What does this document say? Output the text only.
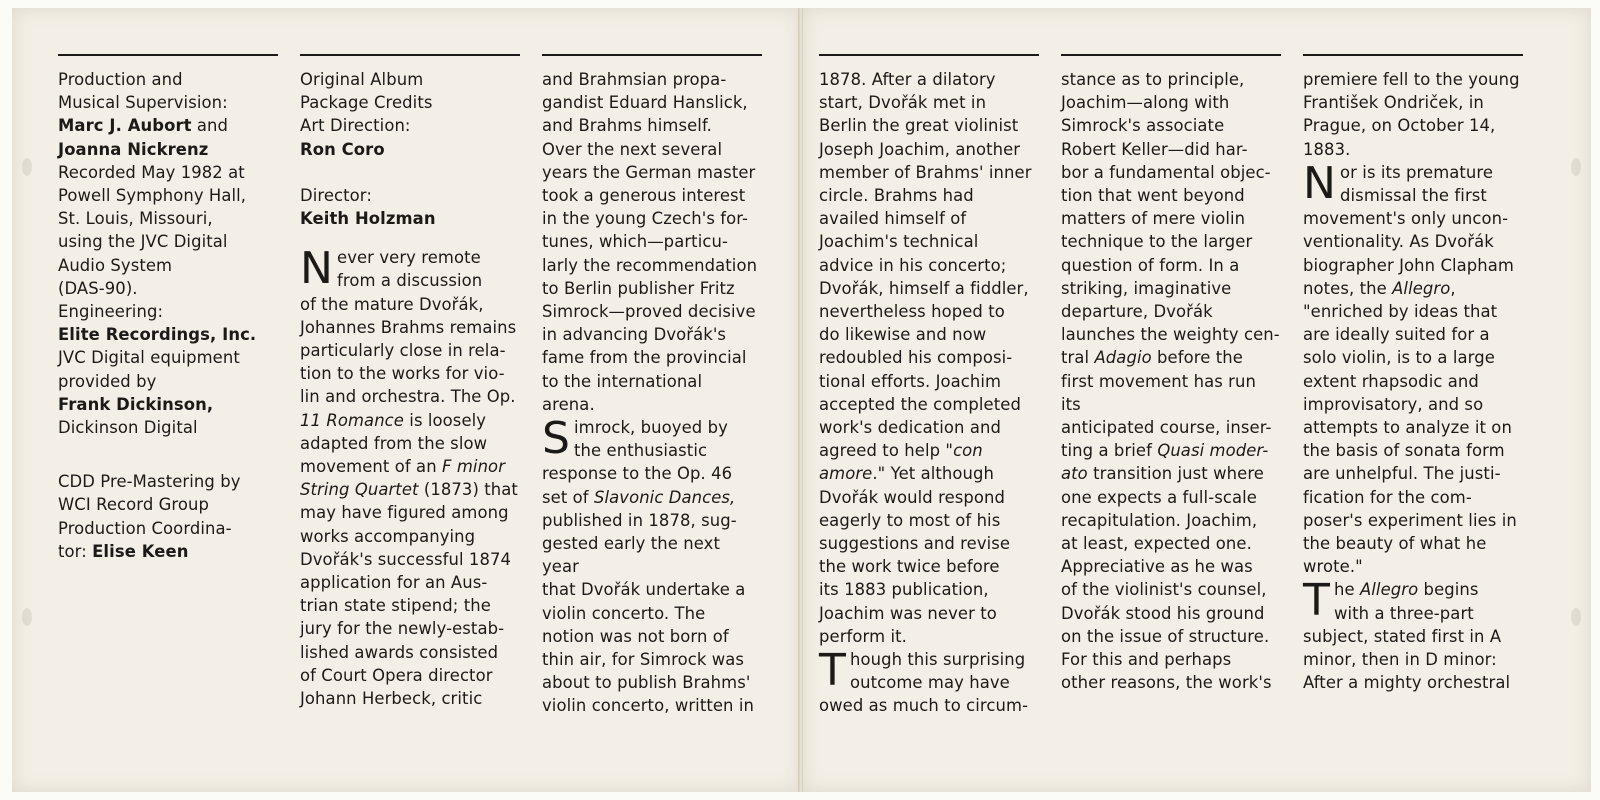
Production and
Musical Supervision:
Marc J. Aubort and
Joanna Nickrenz
Recorded May 1982 at
Powell Symphony Hall,
St. Louis, Missouri,
using the JVC Digital
Audio System
(DAS-90).
Engineering:
Elite Recordings, Inc.
JVC Digital equipment
provided by
Frank Dickinson,
Dickinson Digital
CDD Pre-Mastering by
WCI Record Group
Production Coordina-
tor: Elise Keen
Original Album
Package Credits
Art Direction:
Ron Coro
Director:
Keith Holzman
N ever very remote
from a discussion
of the mature Dvořák,
Johannes Brahms remains
particularly close in rela-
tion to the works for vio-
lin and orchestra. The Op.
11 Romance is loosely
adapted from the slow
movement of an F minor
String Quartet (1873) that
may have figured among
works accompanying
Dvořák's successful 1874
application for an Aus-
trian state stipend; the
jury for the newly-estab-
lished awards consisted
of Court Opera director
Johann Herbeck, critic
and Brahmsian propa-
gandist Eduard Hanslick,
and Brahms himself.
Over the next several
years the German master
took a generous interest
in the young Czech's for-
tunes, which—particu-
larly the recommendation
to Berlin publisher Fritz
Simrock—proved decisive
in advancing Dvořák's
fame from the provincial
to the international
arena.
S imrock, buoyed by
the enthusiastic
response to the Op. 46
set of Slavonic Dances,
published in 1878, sug-
gested early the next year
that Dvořák undertake a
violin concerto. The
notion was not born of
thin air, for Simrock was
about to publish Brahms'
violin concerto, written in
1878. After a dilatory
start, Dvořák met in
Berlin the great violinist
Joseph Joachim, another
member of Brahms' inner
circle. Brahms had
availed himself of
Joachim's technical
advice in his concerto;
Dvořák, himself a fiddler,
nevertheless hoped to
do likewise and now
redoubled his composi-
tional efforts. Joachim
accepted the completed
work's dedication and
agreed to help "con
amore." Yet although
Dvořák would respond
eagerly to most of his
suggestions and revise
the work twice before
its 1883 publication,
Joachim was never to
perform it.
T hough this surprising
outcome may have
owed as much to circum-
stance as to principle,
Joachim—along with
Simrock's associate
Robert Keller—did har-
bor a fundamental objec-
tion that went beyond
matters of mere violin
technique to the larger
question of form. In a
striking, imaginative
departure, Dvořák
launches the weighty cen-
tral Adagio before the
first movement has run its
anticipated course, inser-
ting a brief Quasi moder-
ato transition just where
one expects a full-scale
recapitulation. Joachim,
at least, expected one.
Appreciative as he was
of the violinist's counsel,
Dvořák stood his ground
on the issue of structure.
For this and perhaps
other reasons, the work's
premiere fell to the young
František Ondriček, in
Prague, on October 14,
1883.
N or is its premature
dismissal the first
movement's only uncon-
ventionality. As Dvořák
biographer John Clapham
notes, the Allegro,
"enriched by ideas that
are ideally suited for a
solo violin, is to a large
extent rhapsodic and
improvisatory, and so
attempts to analyze it on
the basis of sonata form
are unhelpful. The justi-
fication for the com-
poser's experiment lies in
the beauty of what he
wrote."
T he Allegro begins
with a three-part
subject, stated first in A
minor, then in D minor:
After a mighty orchestral
